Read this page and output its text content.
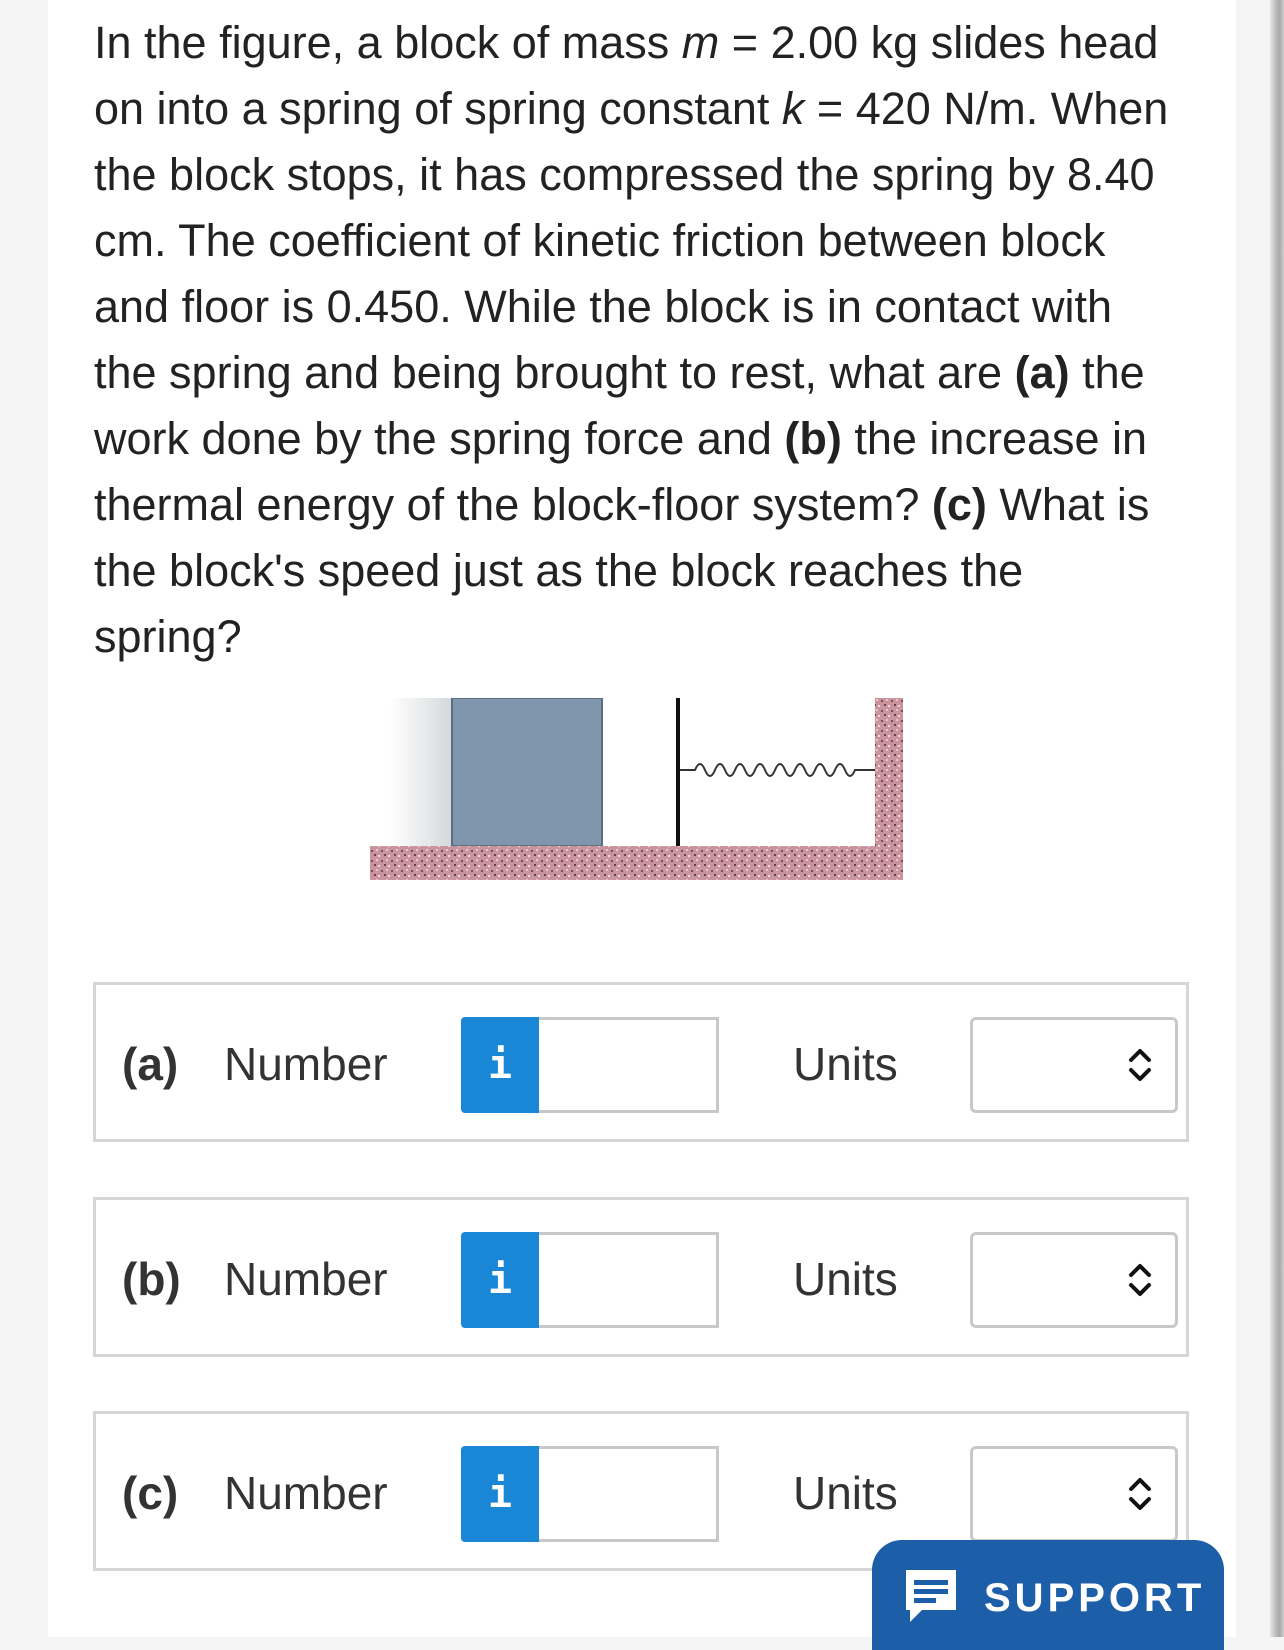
In the figure, a block of mass m = 2.00 kg slides head on into a spring of spring constant k = 420 N/m. When the block stops, it has compressed the spring by 8.40 cm. The coefficient of kinetic friction between block and floor is 0.450. While the block is in contact with the spring and being brought to rest, what are (a) the work done by the spring force and (b) the increase in thermal energy of the block-floor system? (c) What is the block's speed just as the block reaches the spring?

(a) Number	i	Units
(b) Number	i	Units
(c) Number	i	Units
SUPPORT
